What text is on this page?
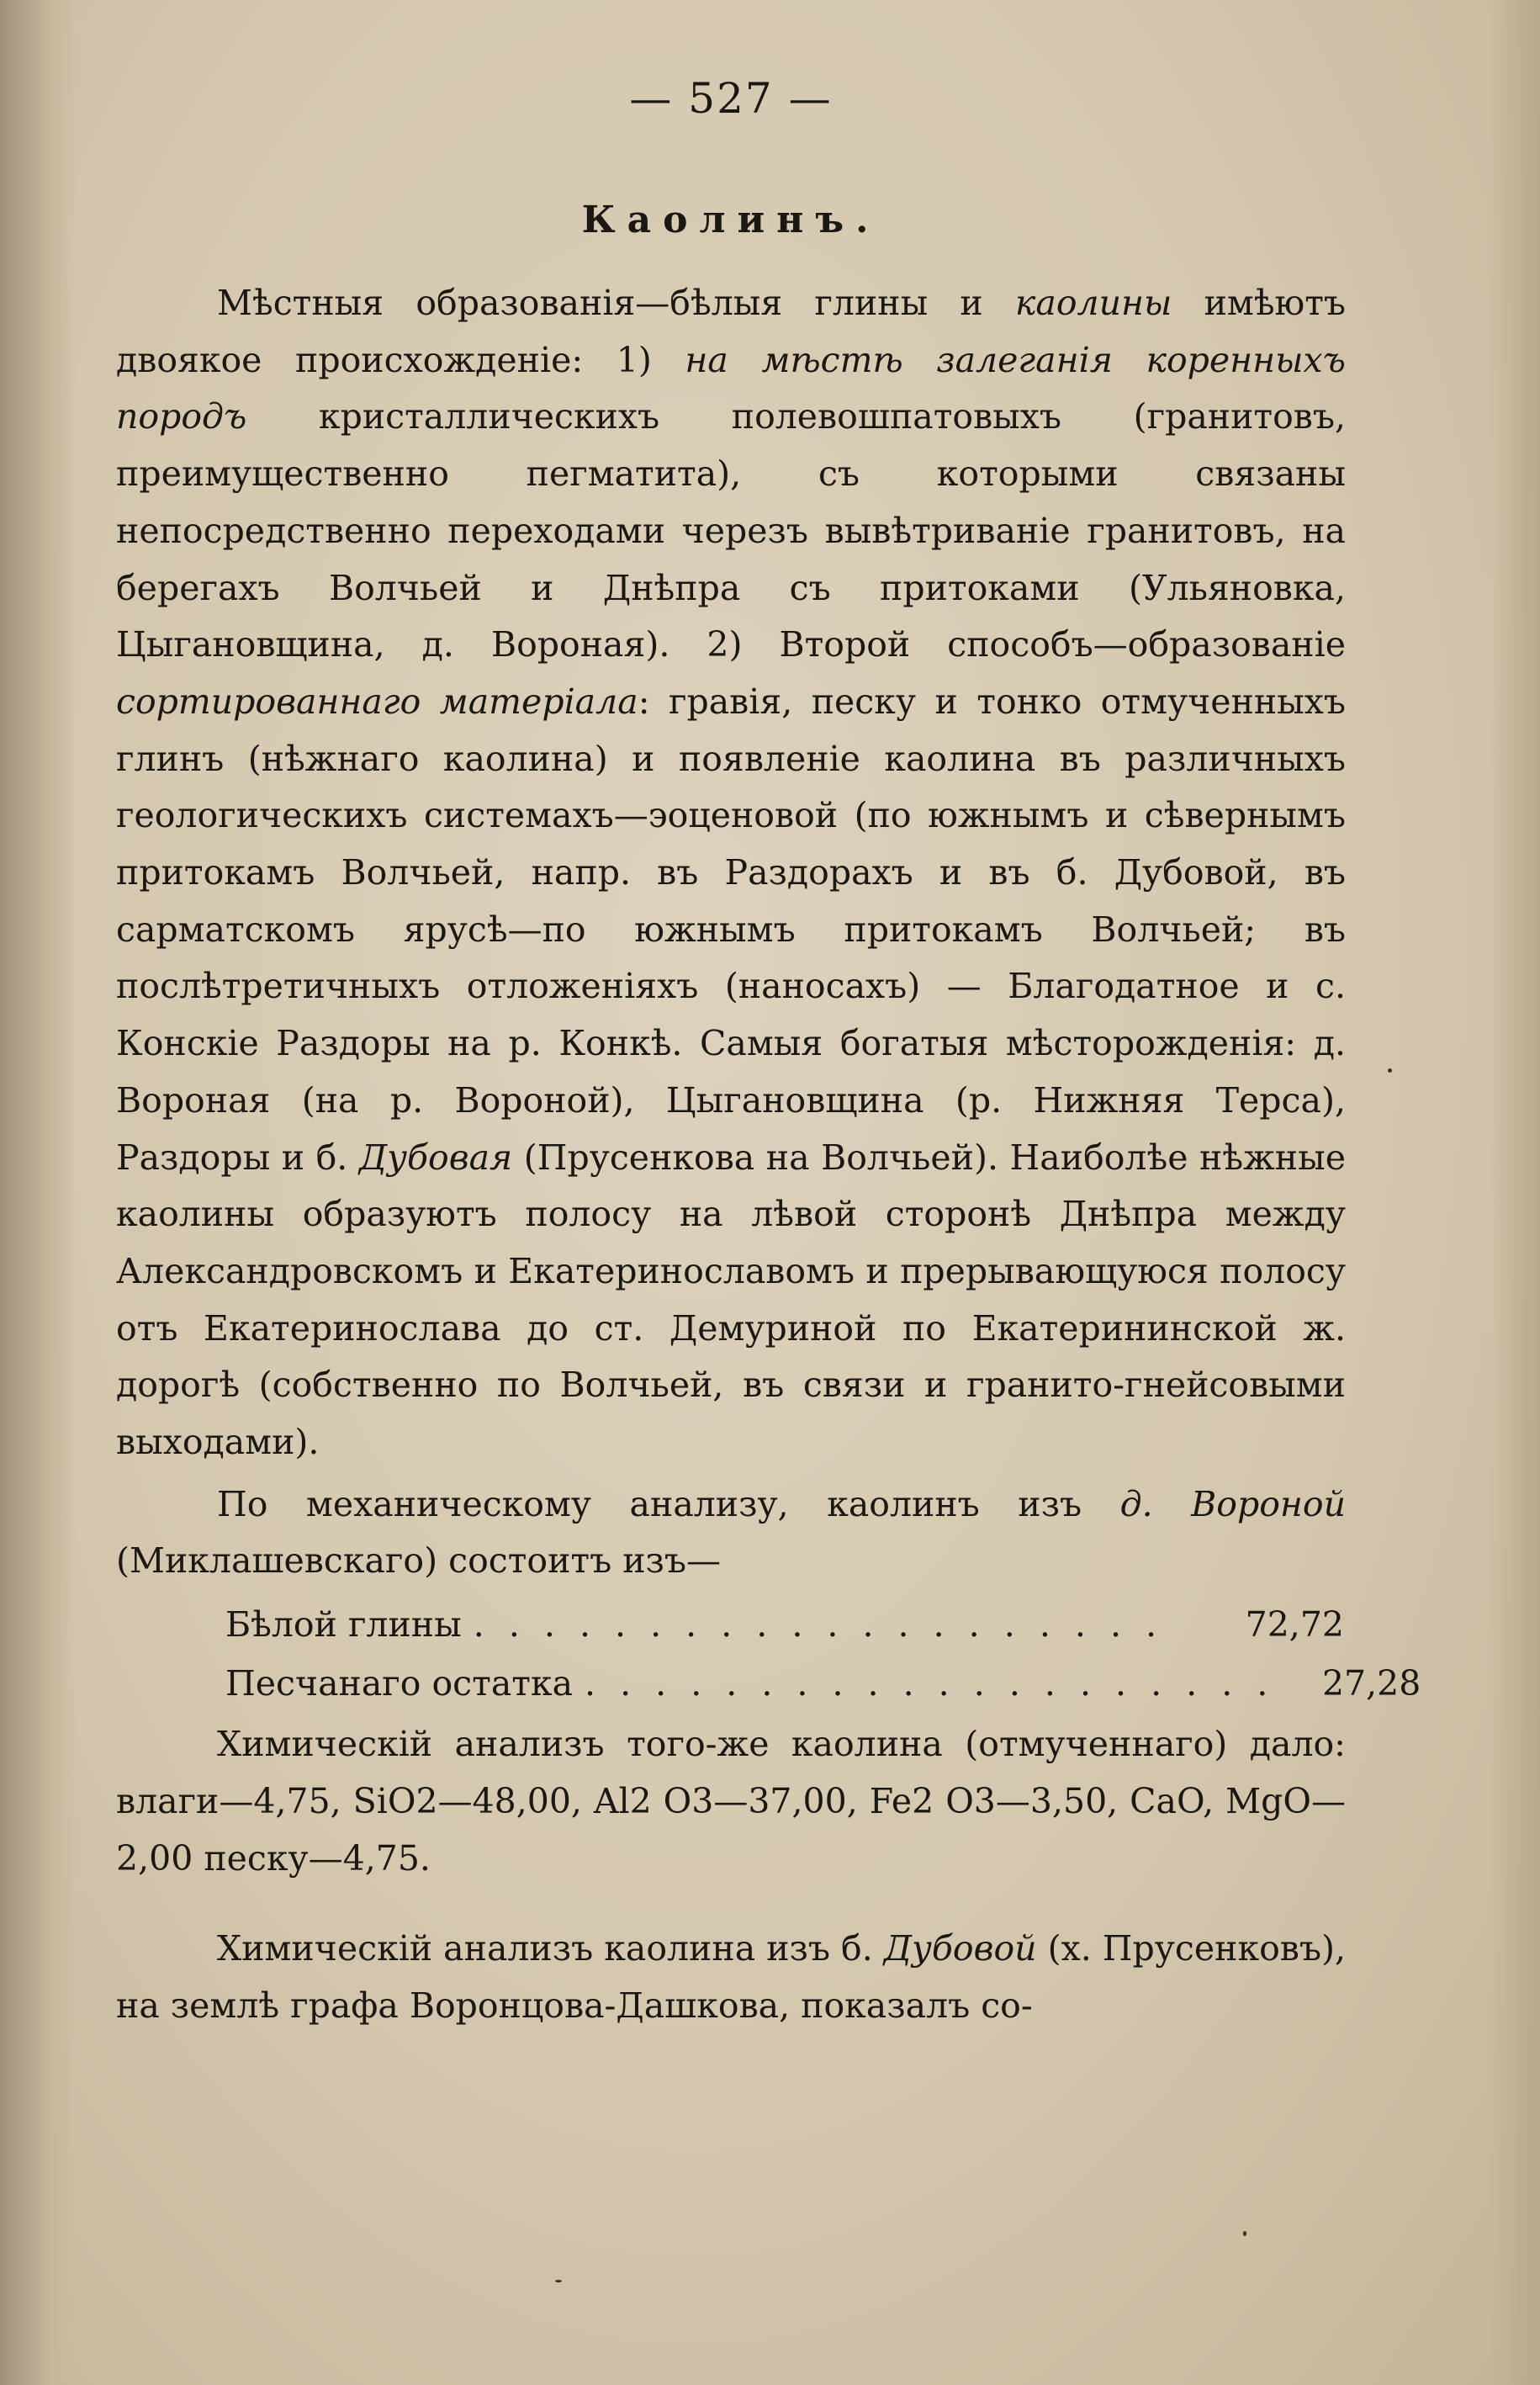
— 527 —
Каолинъ.

Мѣстныя образованія—бѣлыя глины и каолины имѣютъ двоякое происхожденіе: 1) на мѣстѣ залеганія коренныхъ породъ кристаллическихъ полевошпатовыхъ (гранитовъ, преимущественно пегматита), съ которыми связаны непосредственно переходами черезъ вывѣтриваніе гранитовъ, на берегахъ Волчьей и Днѣпра съ притоками (Ульяновка, Цыгановщина, д. Вороная). 2) Второй способъ—образованіе сортированнаго матеріала: гравія, песку и тонко отмученныхъ глинъ (нѣжнаго каолина) и появленіе каолина въ различныхъ геологическихъ системахъ—эоценовой (по южнымъ и сѣвернымъ притокамъ Волчьей, напр. въ Раздорахъ и въ б. Дубовой, въ сарматскомъ ярусѣ—по южнымъ притокамъ Волчьей; въ послѣтретичныхъ отложеніяхъ (наносахъ) — Благодатное и с. Конскіе Раздоры на р. Конкѣ. Самыя богатыя мѣсторожденія: д. Вороная (на р. Вороной), Цыгановщина (р. Нижняя Терса), Раздоры и б. Дубовая (Прусенкова на Волчьей). Наиболѣе нѣжные каолины образуютъ полосу на лѣвой сторонѣ Днѣпра между Александровскомъ и Екатеринославомъ и прерывающуюся полосу отъ Екатеринослава до ст. Демуриной по Екатерининской ж. дорогѣ (собственно по Волчьей, въ связи и гранито-гнейсовыми выходами).

По механическому анализу, каолинъ изъ д. Вороной (Миклашевскаго) состоитъ изъ—

Бѣлой глины . . . . . . . . . . . . . . . . . . . .	72,72
Песчанаго остатка . . . . . . . . . . . . . . . . . . . .	27,28

Химическій анализъ того-же каолина (отмученнаго) дало: влаги—4,75, SiO2—48,00, Al2 O3—37,00, Fe2 O3—3,50, CaO, MgO—2,00 песку—4,75.

Химическій анализъ каолина изъ б. Дубовой (х. Прусенковъ), на землѣ графа Воронцова-Дашкова, показалъ со-
